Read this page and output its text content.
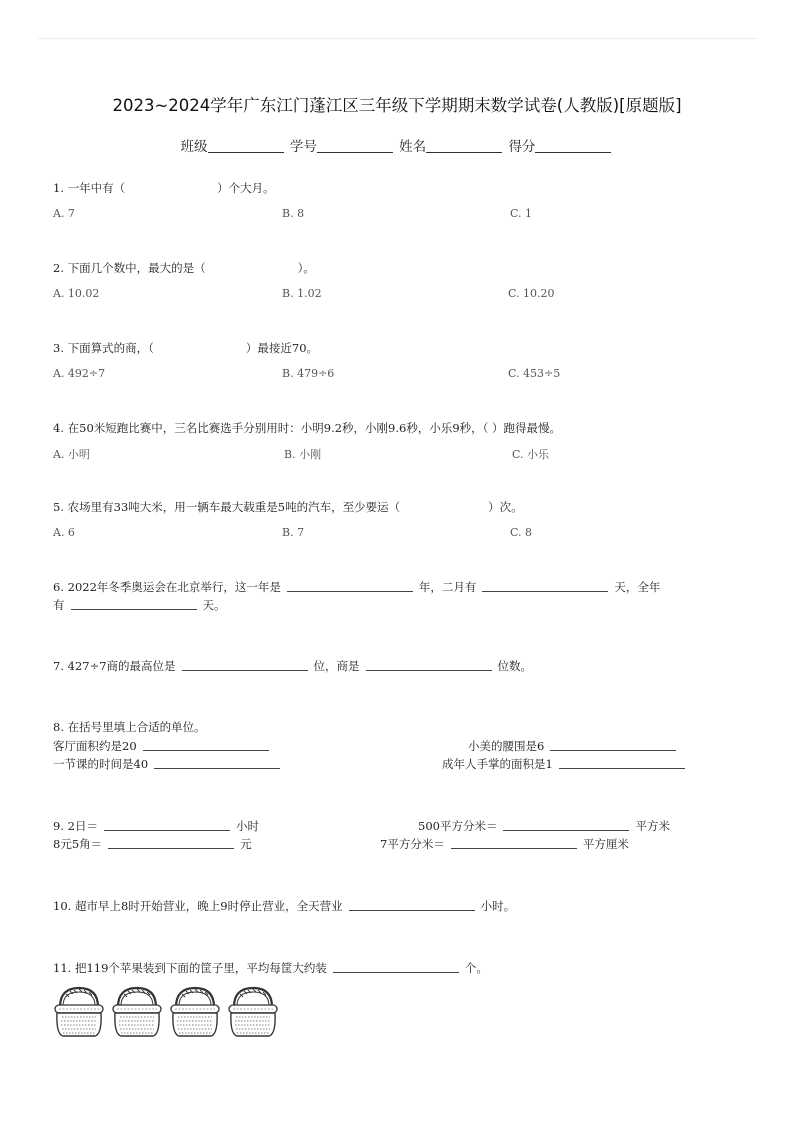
2023~2024学年广东江门蓬江区三年级下学期期末数学试卷(人教版)[原题版]
班级	学号	姓名	得分
1. 一年中有（	）个大月。
A. 7	B. 8	C. 1
2. 下面几个数中，最大的是（	）。
A. 10.02	B. 1.02	C. 10.20
3. 下面算式的商，（	）最接近70。
A. 492÷7	B. 479÷6	C. 453÷5
4. 在50米短跑比赛中，三名比赛选手分别用时：小明9.2秒，小刚9.6秒，小乐9秒，（ ）跑得最慢。
A. 小明	B. 小刚	C. 小乐
5. 农场里有33吨大米，用一辆车最大载重是5吨的汽车，至少要运（	）次。
A. 6	B. 7	C. 8
6. 2022年冬季奥运会在北京举行，这一年是	年，二月有	天，全年
有	天。
7. 427÷7商的最高位是	位，商是	位数。
8. 在括号里填上合适的单位。
客厅面积约是20	小美的腰围是6
一节课的时间是40	成年人手掌的面积是1
9. 2日＝	小时	500平方分米＝	平方米
8元5角＝	元	7平方分米＝	平方厘米
10. 超市早上8时开始营业，晚上9时停止营业，全天营业	小时。
11. 把119个苹果装到下面的筐子里，平均每筐大约装	个。
